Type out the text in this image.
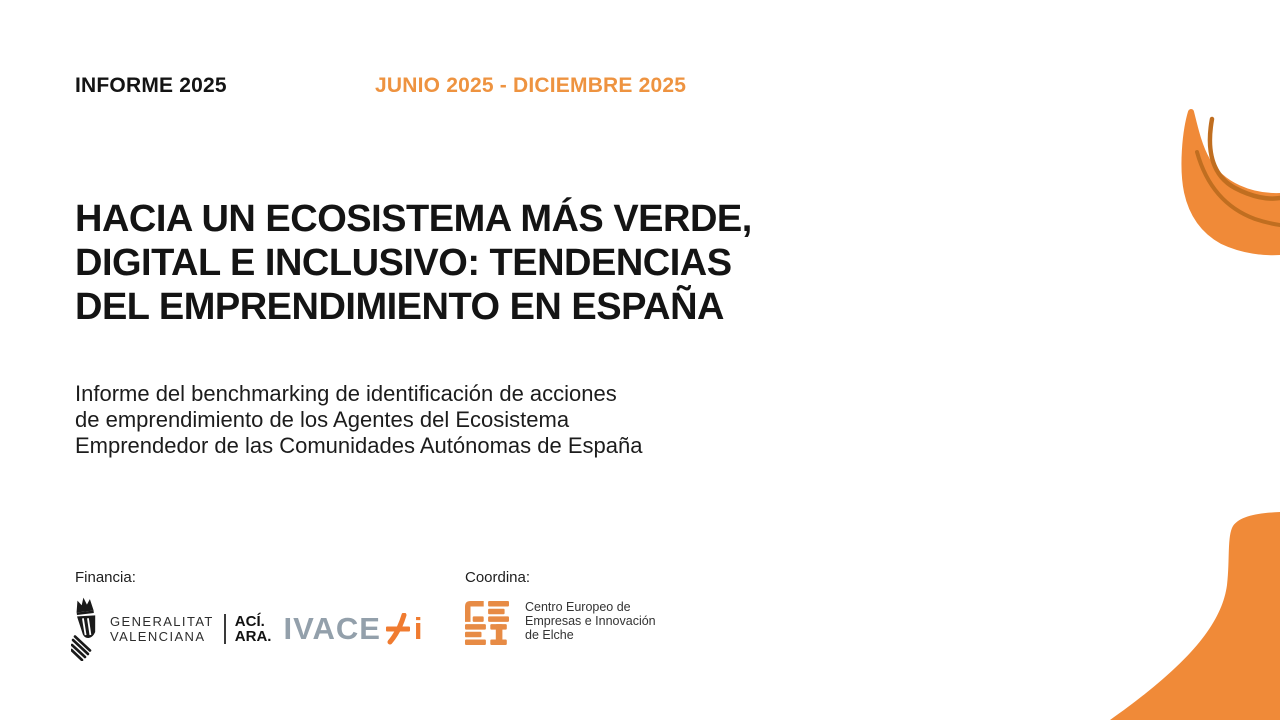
INFORME 2025	JUNIO 2025 - DICIEMBRE 2025
HACIA UN ECOSISTEMA MÁS VERDE,
DIGITAL E INCLUSIVO: TENDENCIAS
DEL EMPRENDIMIENTO EN ESPAÑA
Informe del benchmarking de identificación de acciones
de emprendimiento de los Agentes del Ecosistema
Emprendedor de las Comunidades Autónomas de España
Financia:
GENERALITAT
VALENCIANA
ACÍ.
ARA. IVACE i
Coordina:
Centro Europeo de
Empresas e Innovación
de Elche
